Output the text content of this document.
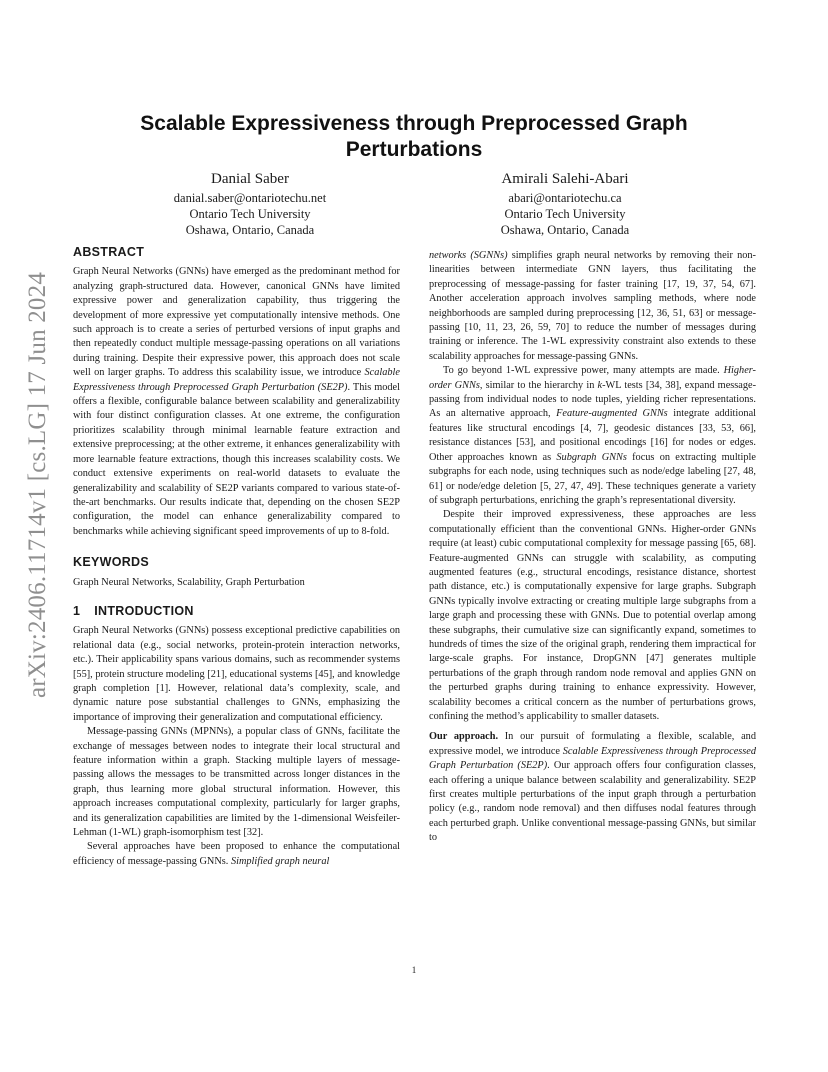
arXiv:2406.11714v1 [cs.LG] 17 Jun 2024
Scalable Expressiveness through Preprocessed Graph Perturbations
Danial Saber
danial.saber@ontariotechu.net
Ontario Tech University
Oshawa, Ontario, Canada
Amirali Salehi-Abari
abari@ontariotechu.ca
Ontario Tech University
Oshawa, Ontario, Canada
ABSTRACT

Graph Neural Networks (GNNs) have emerged as the predominant method for analyzing graph-structured data. However, canonical GNNs have limited expressive power and generalization capability, thus triggering the development of more expressive yet computationally intensive methods. One such approach is to create a series of perturbed versions of input graphs and then repeatedly conduct multiple message-passing operations on all variations during training. Despite their expressive power, this approach does not scale well on larger graphs. To address this scalability issue, we introduce Scalable Expressiveness through Preprocessed Graph Perturbation (SE2P). This model offers a flexible, configurable balance between scalability and generalizability with four distinct configuration classes. At one extreme, the configuration prioritizes scalability through minimal learnable feature extraction and extensive preprocessing; at the other extreme, it enhances generalizability with more learnable feature extractions, though this increases scalability costs. We conduct extensive experiments on real-world datasets to evaluate the generalizability and scalability of SE2P variants compared to various state-of-the-art benchmarks. Our results indicate that, depending on the chosen SE2P configuration, the model can enhance generalizability compared to benchmarks while achieving significant speed improvements of up to 8-fold.

KEYWORDS

Graph Neural Networks, Scalability, Graph Perturbation

1 INTRODUCTION

Graph Neural Networks (GNNs) possess exceptional predictive capabilities on relational data (e.g., social networks, protein-protein interaction networks, etc.). Their applicability spans various domains, such as recommender systems [55], protein structure modeling [21], educational systems [45], and knowledge graph completion [1]. However, relational data’s complexity, scale, and dynamic nature pose substantial challenges to GNNs, emphasizing the importance of improving their generalization and computational efficiency.

Message-passing GNNs (MPNNs), a popular class of GNNs, facilitate the exchange of messages between nodes to integrate their local structural and feature information within a graph. Stacking multiple layers of message-passing allows the messages to be transmitted across longer distances in the graph, thus learning more global structural information. However, this approach increases computational complexity, particularly for larger graphs, and its generalization capabilities are limited by the 1-dimensional Weisfeiler-Lehman (1-WL) graph-isomorphism test [32].

Several approaches have been proposed to enhance the computational efficiency of message-passing GNNs. Simplified graph neural

networks (SGNNs) simplifies graph neural networks by removing their non-linearities between intermediate GNN layers, thus facilitating the preprocessing of message-passing for faster training [17, 19, 37, 54, 67]. Another acceleration approach involves sampling methods, where node neighborhoods are sampled during preprocessing [12, 36, 51, 63] or message-passing [10, 11, 23, 26, 59, 70] to reduce the number of messages during training or inference. The 1-WL expressivity constraint also extends to these scalability approaches for message-passing GNNs.

To go beyond 1-WL expressive power, many attempts are made. Higher-order GNNs, similar to the hierarchy in k-WL tests [34, 38], expand message-passing from individual nodes to node tuples, yielding richer representations. As an alternative approach, Feature-augmented GNNs integrate additional features like structural encodings [4, 7], geodesic distances [33, 53, 66], resistance distances [53], and positional encodings [16] for nodes or edges. Other approaches known as Subgraph GNNs focus on extracting multiple subgraphs for each node, using techniques such as node/edge labeling [27, 48, 61] or node/edge deletion [5, 27, 47, 49]. These techniques generate a variety of subgraph perturbations, enriching the graph’s representational diversity.

Despite their improved expressiveness, these approaches are less computationally efficient than the conventional GNNs. Higher-order GNNs require (at least) cubic computational complexity for message passing [65, 68]. Feature-augmented GNNs can struggle with scalability, as computing augmented features (e.g., structural encodings, resistance distance, shortest path distance, etc.) is computationally expensive for large graphs. Subgraph GNNs typically involve extracting or creating multiple large subgraphs from a large graph and processing these with GNNs. Due to potential overlap among these subgraphs, their cumulative size can significantly expand, sometimes to hundreds of times the size of the original graph, rendering them impractical for large-scale graphs. For instance, DropGNN [47] generates multiple perturbations of the graph through random node removal and applies GNN on the perturbed graphs during training to enhance expressivity. However, scalability becomes a critical concern as the number of perturbations grows, confining the method’s applicability to smaller datasets.

Our approach. In our pursuit of formulating a flexible, scalable, and expressive model, we introduce Scalable Expressiveness through Preprocessed Graph Perturbation (SE2P). Our approach offers four configuration classes, each offering a unique balance between scalability and generalizability. SE2P first creates multiple perturbations of the input graph through a perturbation policy (e.g., random node removal) and then diffuses nodal features through each perturbed graph. Unlike conventional message-passing GNNs, but similar to

1
